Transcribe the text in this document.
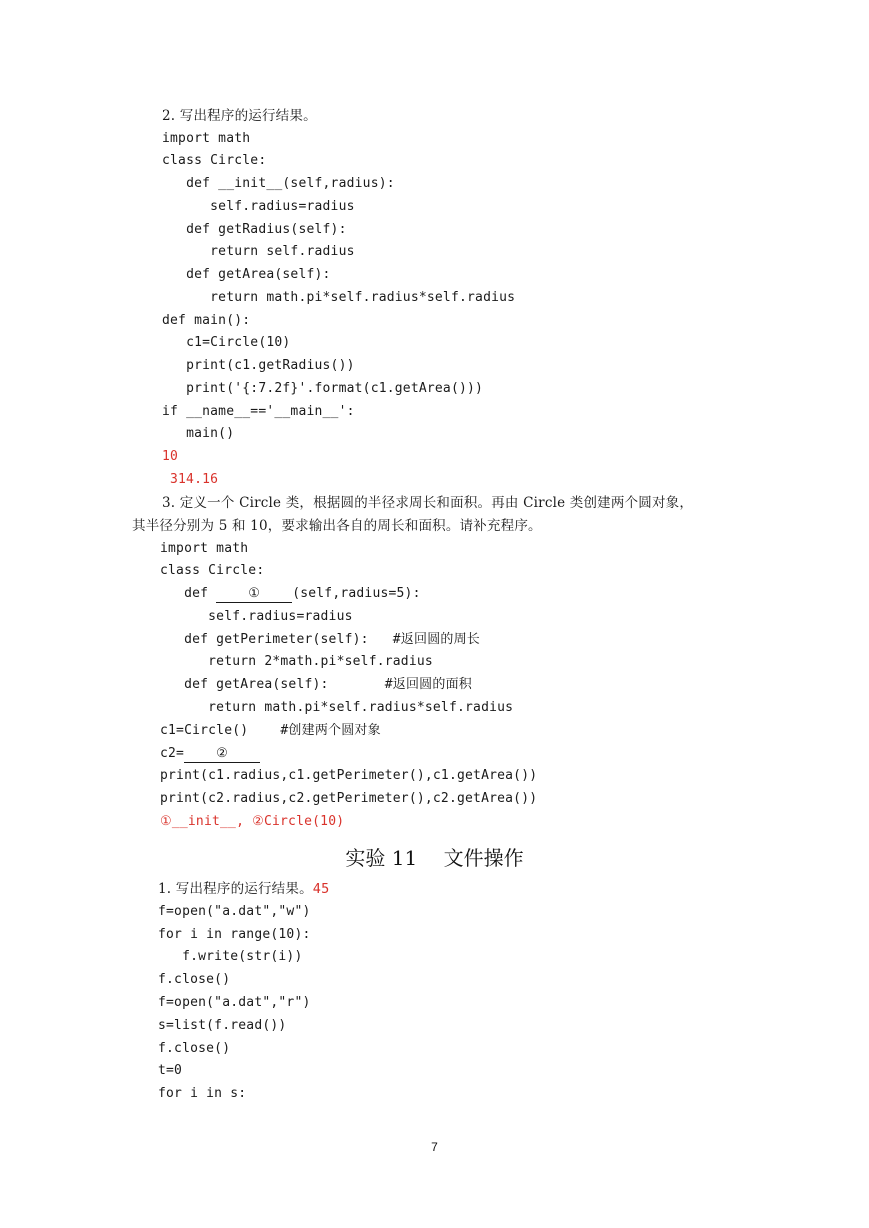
2. 写出程序的运行结果。
import math
class Circle:
def __init__(self,radius):
self.radius=radius
def getRadius(self):
return self.radius
def getArea(self):
return math.pi*self.radius*self.radius
def main():
c1=Circle(10)
print(c1.getRadius())
print('{:7.2f}'.format(c1.getArea()))
if __name__=='__main__':
main()
10
314.16
3. 定义一个 Circle 类，根据圆的半径求周长和面积。再由 Circle 类创建两个圆对象，
其半径分别为 5 和 10，要求输出各自的周长和面积。请补充程序。
import math
class Circle:
def ① (self,radius=5):
self.radius=radius
def getPerimeter(self):   #返回圆的周长
return 2*math.pi*self.radius
def getArea(self):       #返回圆的面积
return math.pi*self.radius*self.radius
c1=Circle()    #创建两个圆对象
c2= ②
print(c1.radius,c1.getPerimeter(),c1.getArea())
print(c2.radius,c2.getPerimeter(),c2.getArea())
①__init__, ②Circle(10)
实验 11　 文件操作
1. 写出程序的运行结果。45
f=open("a.dat","w")
for i in range(10):
f.write(str(i))
f.close()
f=open("a.dat","r")
s=list(f.read())
f.close()
t=0
for i in s:
7
